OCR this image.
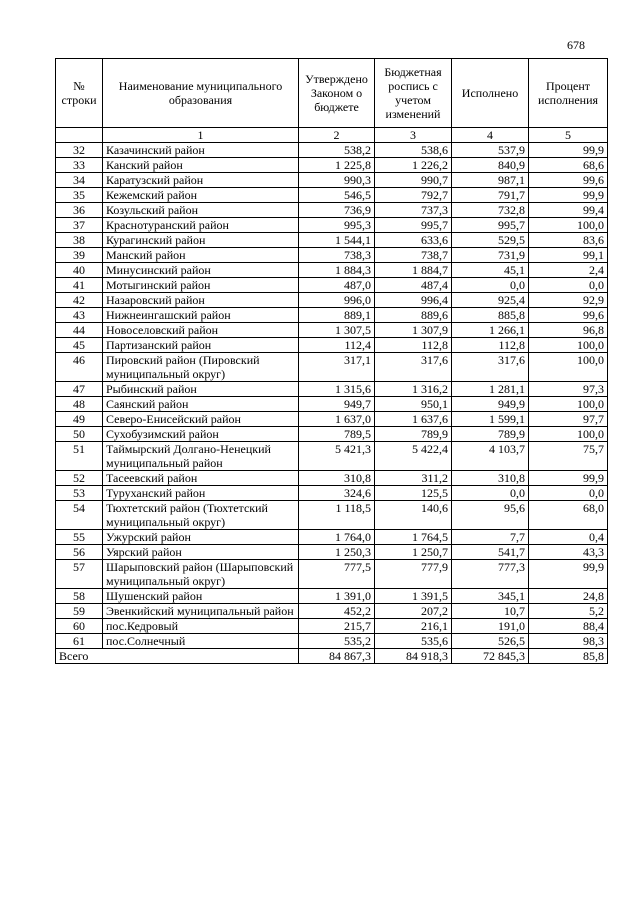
678
№ строки	Наименование муниципального образования	Утверждено Законом о бюджете	Бюджетная роспись с учетом изменений	Исполнено	Процент исполнения
	1	2	3	4	5
32	Казачинский район	538,2	538,6	537,9	99,9
33	Канский район	1 225,8	1 226,2	840,9	68,6
34	Каратузский район	990,3	990,7	987,1	99,6
35	Кежемский район	546,5	792,7	791,7	99,9
36	Козульский район	736,9	737,3	732,8	99,4
37	Краснотуранский район	995,3	995,7	995,7	100,0
38	Курагинский район	1 544,1	633,6	529,5	83,6
39	Манский район	738,3	738,7	731,9	99,1
40	Минусинский район	1 884,3	1 884,7	45,1	2,4
41	Мотыгинский район	487,0	487,4	0,0	0,0
42	Назаровский район	996,0	996,4	925,4	92,9
43	Нижнеингашский район	889,1	889,6	885,8	99,6
44	Новоселовский район	1 307,5	1 307,9	1 266,1	96,8
45	Партизанский район	112,4	112,8	112,8	100,0
46	Пировский район (Пировский муниципальный округ)	317,1	317,6	317,6	100,0
47	Рыбинский район	1 315,6	1 316,2	1 281,1	97,3
48	Саянский район	949,7	950,1	949,9	100,0
49	Северо-Енисейский район	1 637,0	1 637,6	1 599,1	97,7
50	Сухобузимский район	789,5	789,9	789,9	100,0
51	Таймырский Долгано-Ненецкий муниципальный район	5 421,3	5 422,4	4 103,7	75,7
52	Тасеевский район	310,8	311,2	310,8	99,9
53	Туруханский район	324,6	125,5	0,0	0,0
54	Тюхтетский район (Тюхтетский муниципальный округ)	1 118,5	140,6	95,6	68,0
55	Ужурский район	1 764,0	1 764,5	7,7	0,4
56	Уярский район	1 250,3	1 250,7	541,7	43,3
57	Шарыповский район (Шарыповский муниципальный округ)	777,5	777,9	777,3	99,9
58	Шушенский район	1 391,0	1 391,5	345,1	24,8
59	Эвенкийский муниципальный район	452,2	207,2	10,7	5,2
60	пос.Кедровый	215,7	216,1	191,0	88,4
61	пос.Солнечный	535,2	535,6	526,5	98,3
Всего		84 867,3	84 918,3	72 845,3	85,8
